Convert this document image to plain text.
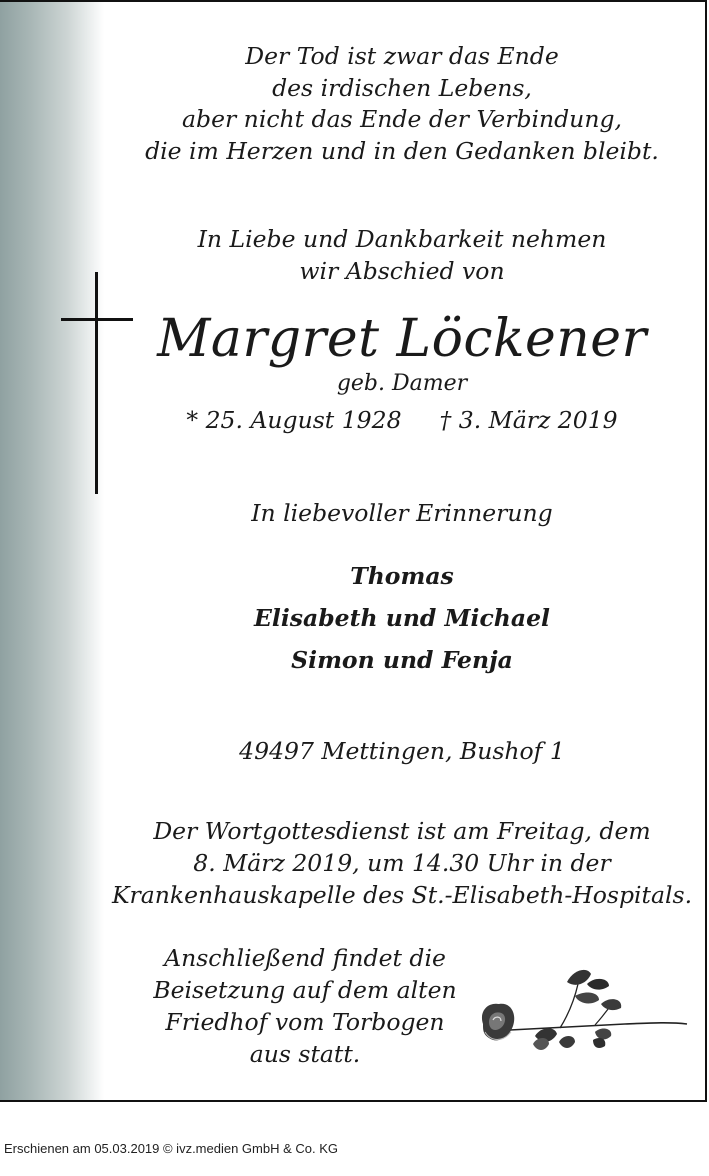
Der Tod ist zwar das Ende
des irdischen Lebens,
aber nicht das Ende der Verbindung,
die im Herzen und in den Gedanken bleibt.
In Liebe und Dankbarkeit nehmen
wir Abschied von
Margret Löckener
geb. Damer
* 25. August 1928 † 3. März 2019
In liebevoller Erinnerung
Thomas
Elisabeth und Michael
Simon und Fenja
49497 Mettingen, Bushof 1
Der Wortgottesdienst ist am Freitag, dem
8. März 2019, um 14.30 Uhr in der
Krankenhauskapelle des St.-Elisabeth-Hospitals.
Anschließend findet die
Beisetzung auf dem alten
Friedhof vom Torbogen
aus statt.
Erschienen am 05.03.2019 © ivz.medien GmbH & Co. KG
